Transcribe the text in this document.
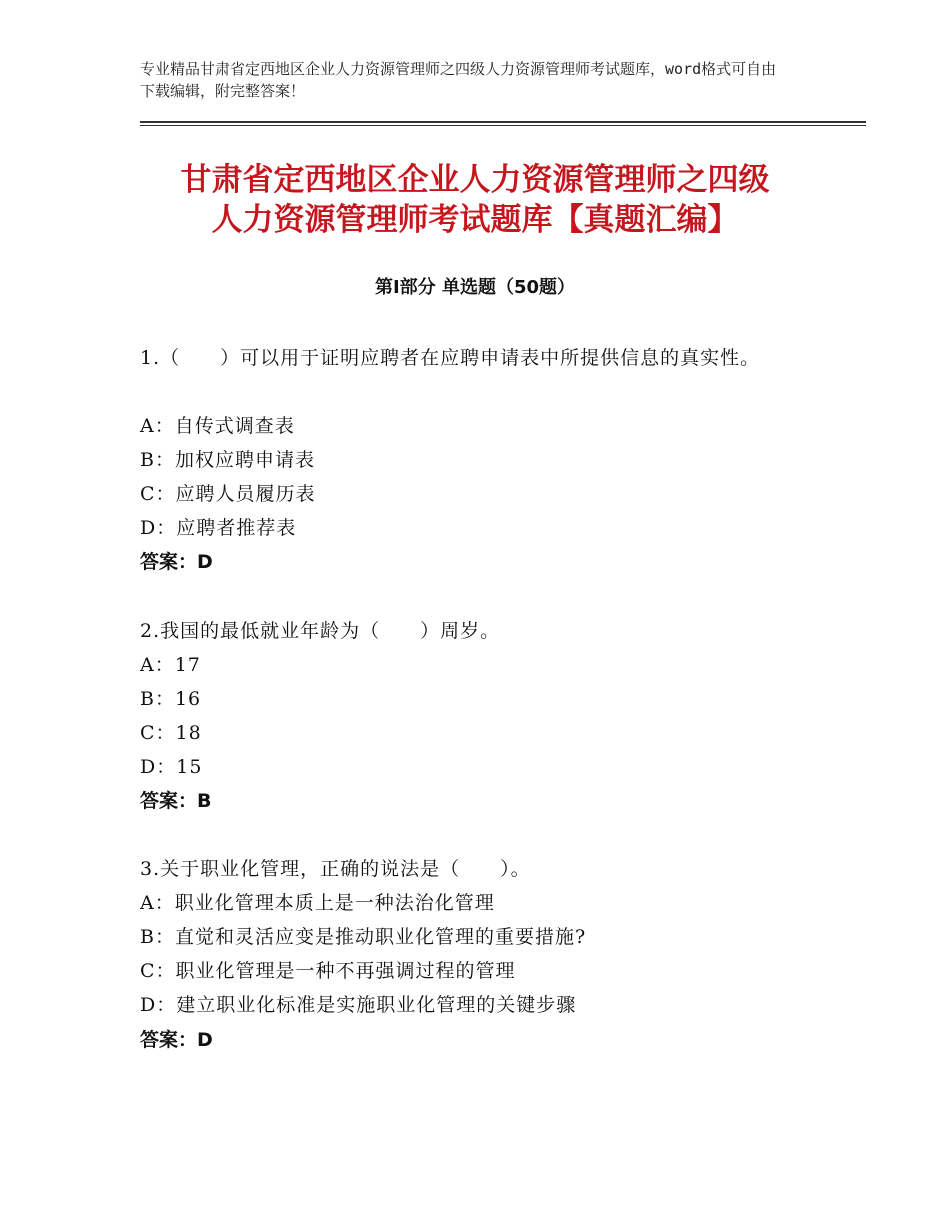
专业精品甘肃省定西地区企业人力资源管理师之四级人力资源管理师考试题库，word格式可自由下载编辑，附完整答案！
甘肃省定西地区企业人力资源管理师之四级
人力资源管理师考试题库【真题汇编】
第Ⅰ部分 单选题（50题）
1.（　　）可以用于证明应聘者在应聘申请表中所提供信息的真实性。
A：自传式调查表
B：加权应聘申请表
C：应聘人员履历表
D：应聘者推荐表
答案：D
2.我国的最低就业年龄为（　　）周岁。
A：17
B：16
C：18
D：15
答案：B
3.关于职业化管理，正确的说法是（　　）。
A：职业化管理本质上是一种法治化管理
B：直觉和灵活应变是推动职业化管理的重要措施?
C：职业化管理是一种不再强调过程的管理
D：建立职业化标准是实施职业化管理的关键步骤
答案：D
